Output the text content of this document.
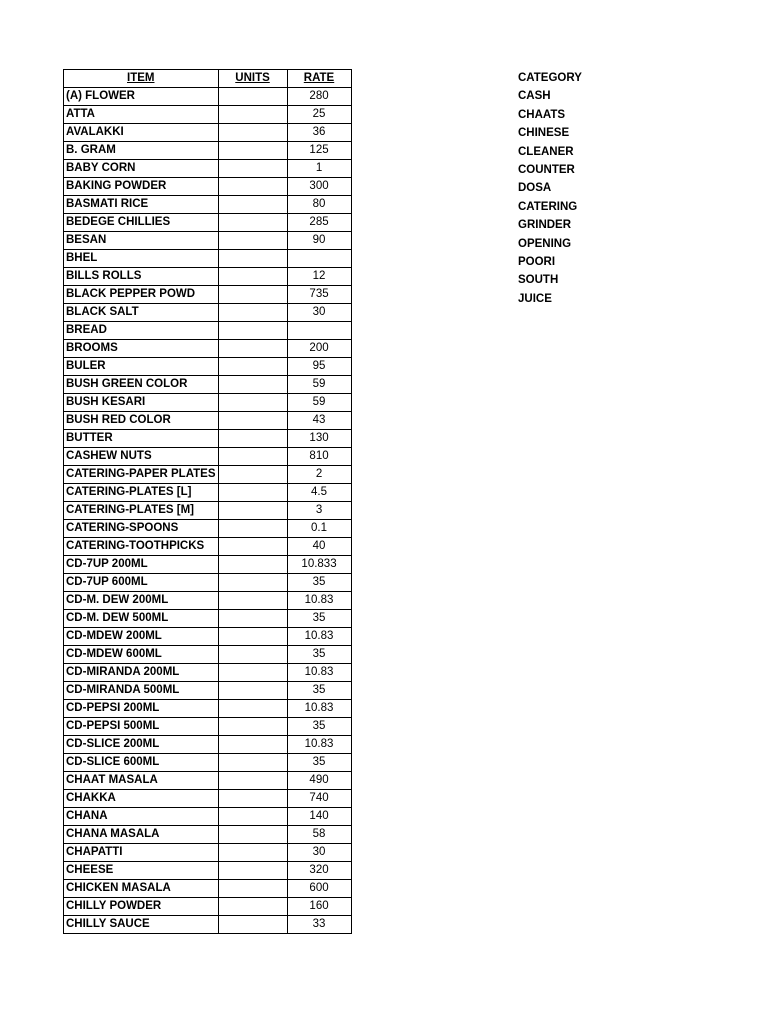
ITEM	UNITS	RATE
(A) FLOWER		280
ATTA		25
AVALAKKI		36
B. GRAM		125
BABY CORN		1
BAKING POWDER		300
BASMATI RICE		80
BEDEGE CHILLIES		285
BESAN		90
BHEL		
BILLS ROLLS		12
BLACK PEPPER POWD		735
BLACK SALT		30
BREAD		
BROOMS		200
BULER		95
BUSH GREEN COLOR		59
BUSH KESARI		59
BUSH RED COLOR		43
BUTTER		130
CASHEW NUTS		810
CATERING-PAPER PLATES		2
CATERING-PLATES [L]		4.5
CATERING-PLATES [M]		3
CATERING-SPOONS		0.1
CATERING-TOOTHPICKS		40
CD-7UP 200ML		10.833
CD-7UP 600ML		35
CD-M. DEW 200ML		10.83
CD-M. DEW 500ML		35
CD-MDEW 200ML		10.83
CD-MDEW 600ML		35
CD-MIRANDA 200ML		10.83
CD-MIRANDA 500ML		35
CD-PEPSI 200ML		10.83
CD-PEPSI 500ML		35
CD-SLICE 200ML		10.83
CD-SLICE 600ML		35
CHAAT MASALA		490
CHAKKA		740
CHANA		140
CHANA MASALA		58
CHAPATTI		30
CHEESE		320
CHICKEN MASALA		600
CHILLY POWDER		160
CHILLY SAUCE		33
CATEGORY
CASH
CHAATS
CHINESE
CLEANER
COUNTER
DOSA
CATERING
GRINDER
OPENING
POORI
SOUTH
JUICE
